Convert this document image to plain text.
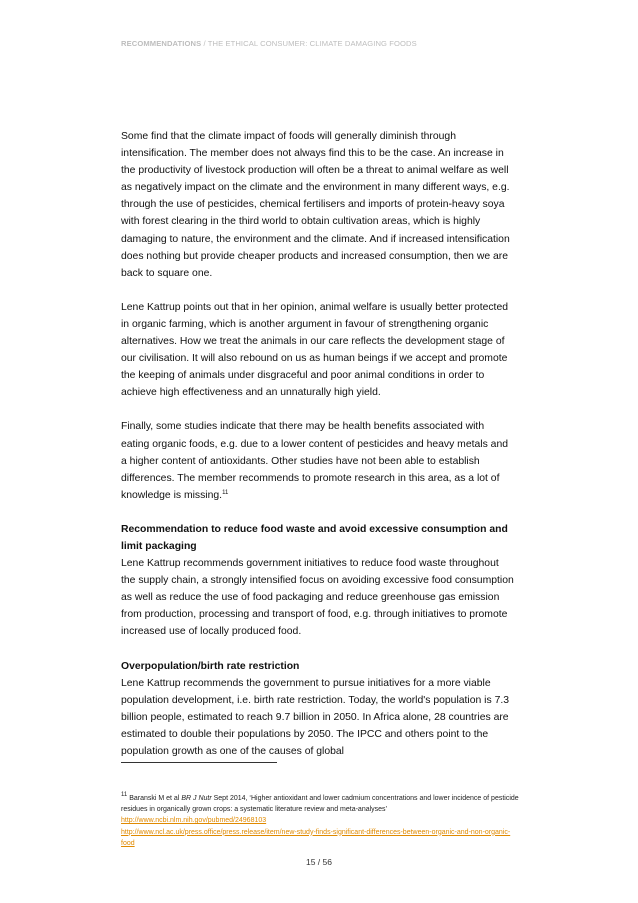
RECOMMENDATIONS / THE ETHICAL CONSUMER: CLIMATE DAMAGING FOODS

Some find that the climate impact of foods will generally diminish through intensification. The member does not always find this to be the case. An increase in the productivity of livestock production will often be a threat to animal welfare as well as negatively impact on the climate and the environment in many different ways, e.g. through the use of pesticides, chemical fertilisers and imports of protein-heavy soya with forest clearing in the third world to obtain cultivation areas, which is highly damaging to nature, the environment and the climate. And if increased intensification does nothing but provide cheaper products and increased consumption, then we are back to square one.

Lene Kattrup points out that in her opinion, animal welfare is usually better protected in organic farming, which is another argument in favour of strengthening organic alternatives. How we treat the animals in our care reflects the development stage of our civilisation. It will also rebound on us as human beings if we accept and promote the keeping of animals under disgraceful and poor animal conditions in order to achieve high effectiveness and an unnaturally high yield.

Finally, some studies indicate that there may be health benefits associated with eating organic foods, e.g. due to a lower content of pesticides and heavy metals and a higher content of antioxidants. Other studies have not been able to establish differences. The member recommends to promote research in this area, as a lot of knowledge is missing.$^{11}$

Recommendation to reduce food waste and avoid excessive consumption and limit packaging

Lene Kattrup recommends government initiatives to reduce food waste throughout the supply chain, a strongly intensified focus on avoiding excessive food consumption as well as reduce the use of food packaging and reduce greenhouse gas emission from production, processing and transport of food, e.g. through initiatives to promote increased use of locally produced food.

Overpopulation/birth rate restriction

Lene Kattrup recommends the government to pursue initiatives for a more viable population development, i.e. birth rate restriction. Today, the world's population is 7.3 billion people, estimated to reach 9.7 billion in 2050. In Africa alone, 28 countries are estimated to double their populations by 2050. The IPCC and others point to the population growth as one of the causes of global

$^{11}$ Baranski M et al BR J Nutr Sept 2014, ‘Higher antioxidant and lower cadmium concentrations and lower incidence of pesticide residues in organically grown crops: a systematic literature review and meta-analyses’
http://www.ncbi.nlm.nih.gov/pubmed/24968103
http://www.ncl.ac.uk/press.office/press.release/item/new-study-finds-significant-differences-between-organic-and-non-organic-food
15 / 56
